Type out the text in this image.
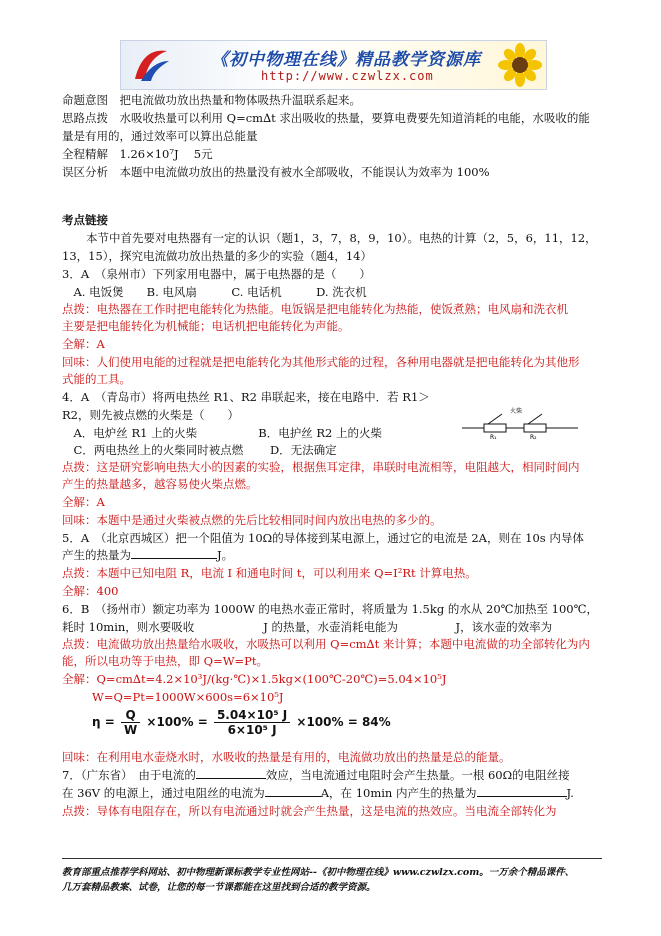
《初中物理在线》精品教学资源库
http://www.czwlzx.com
命题意图　把电流做功放出热量和物体吸热升温联系起来。
思路点拨　水吸收热量可以利用 Q=cm∆t 求出吸收的热量，要算电费要先知道消耗的电能，水吸收的能
量是有用的，通过效率可以算出总能量
全程精解　1.26×10⁷J　 5元
误区分析　本题中电流做功放出的热量没有被水全部吸收，不能误认为效率为 100%
考点链接
本节中首先要对电热器有一定的认识（题1，3，7，8，9，10）。电热的计算（2，5，6，11，12，
13，15），探究电流做功放出热量的多少的实验（题4，14）
3．A　（泉州市）下列家用电器中，属于电热器的是（　　）
　A. 电饭煲　　B. 电风扇　　　C. 电话机　　　D. 洗衣机
点拨：电热器在工作时把电能转化为热能。电饭锅是把电能转化为热能，使饭煮熟；电风扇和洗衣机
主要是把电能转化为机械能；电话机把电能转化为声能。
全解：A
回味：人们使用电能的过程就是把电能转化为其他形式能的过程，各种用电器就是把电能转化为其他形
式能的工具。
4．A　（青岛市）将两电热丝 R1、R2 串联起来，接在电路中．若 R1＞
R2，则先被点燃的火柴是（　　）	火柴
R₁	R₂
　A．电炉丝 R1 上的火柴　　　　　 B．电护丝 R2 上的火柴
　C．两电热丝上的火柴同时被点燃　　 D．无法确定
点拨：这是研究影响电热大小的因素的实验，根据焦耳定律，串联时电流相等，电阻越大，相同时间内
产生的热量越多，越容易使火柴点燃。
全解：A
回味：本题中是通过火柴被点燃的先后比较相同时间内放出电热的多少的。
5．A　（北京西城区）把一个阻值为 10Ω的导体接到某电源上，通过它的电流是 2A，则在 10s 内导体
产生的热量为	J。
点拨：本题中已知电阻 R，电流 I 和通电时间 t，可以利用来 Q=I²Rt 计算电热。
全解：400
6．B　（扬州市）额定功率为 1000W 的电热水壶正常时，将质量为 1.5kg 的水从 20℃加热至 100℃，
耗时 10min，则水要吸收　　　　　　J 的热量，水壶消耗电能为　　　　　J，该水壶的效率为
点拨：电流做功放出热量给水吸收，水吸热可以利用 Q=cm∆t 来计算；本题中电流做的功全部转化为内
能，所以电功等于电热，即 Q=W=Pt。
全解：Q=cm∆t=4.2×10³J/(kg·℃)×1.5kg×(100℃-20℃)=5.04×10⁵J
W=Q=Pt=1000W×600s=6×10⁵J
$\eta = \frac{Q}{W} \times 100\% = \frac{\text{5.04×10⁵ J}}{\text{6×10⁵ J}} \times 100\% = 84\%$
回味：在利用电水壶烧水时，水吸收的热量是有用的，电流做功放出的热量是总的能量。
7．（广东省）　由于电流的	效应，当电流通过电阻时会产生热量。一根 60Ω的电阻丝接
在 36V 的电源上，通过电阻丝的电流为	A，在 10min 内产生的热量为	J.
点拨：导体有电阻存在，所以有电流通过时就会产生热量，这是电流的热效应。当电流全部转化为
教育部重点推荐学科网站、初中物理新课标教学专业性网站--《初中物理在线》www.czwlzx.com。一万余个精品课件、
几万套精品教案、试卷，让您的每一节课都能在这里找到合适的教学资源。
